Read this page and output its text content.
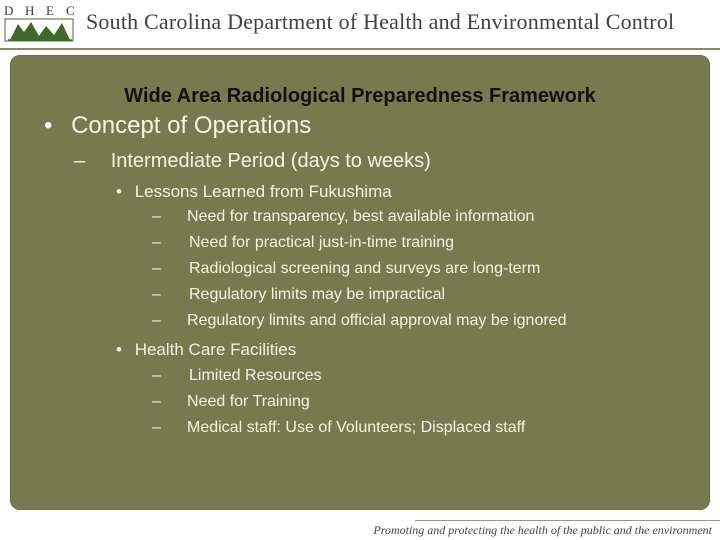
D H E C South Carolina Department of Health and Environmental Control
Wide Area Radiological Preparedness Framework
• Concept of Operations
– Intermediate Period (days to weeks)
• Lessons Learned from Fukushima
– Need for transparency, best available information
– Need for practical just-in-time training
– Radiological screening and surveys are long-term
– Regulatory limits may be impractical
– Regulatory limits and official approval may be ignored
• Health Care Facilities
– Limited Resources
– Need for Training
– Medical staff: Use of Volunteers; Displaced staff
Promoting and protecting the health of the public and the environment
